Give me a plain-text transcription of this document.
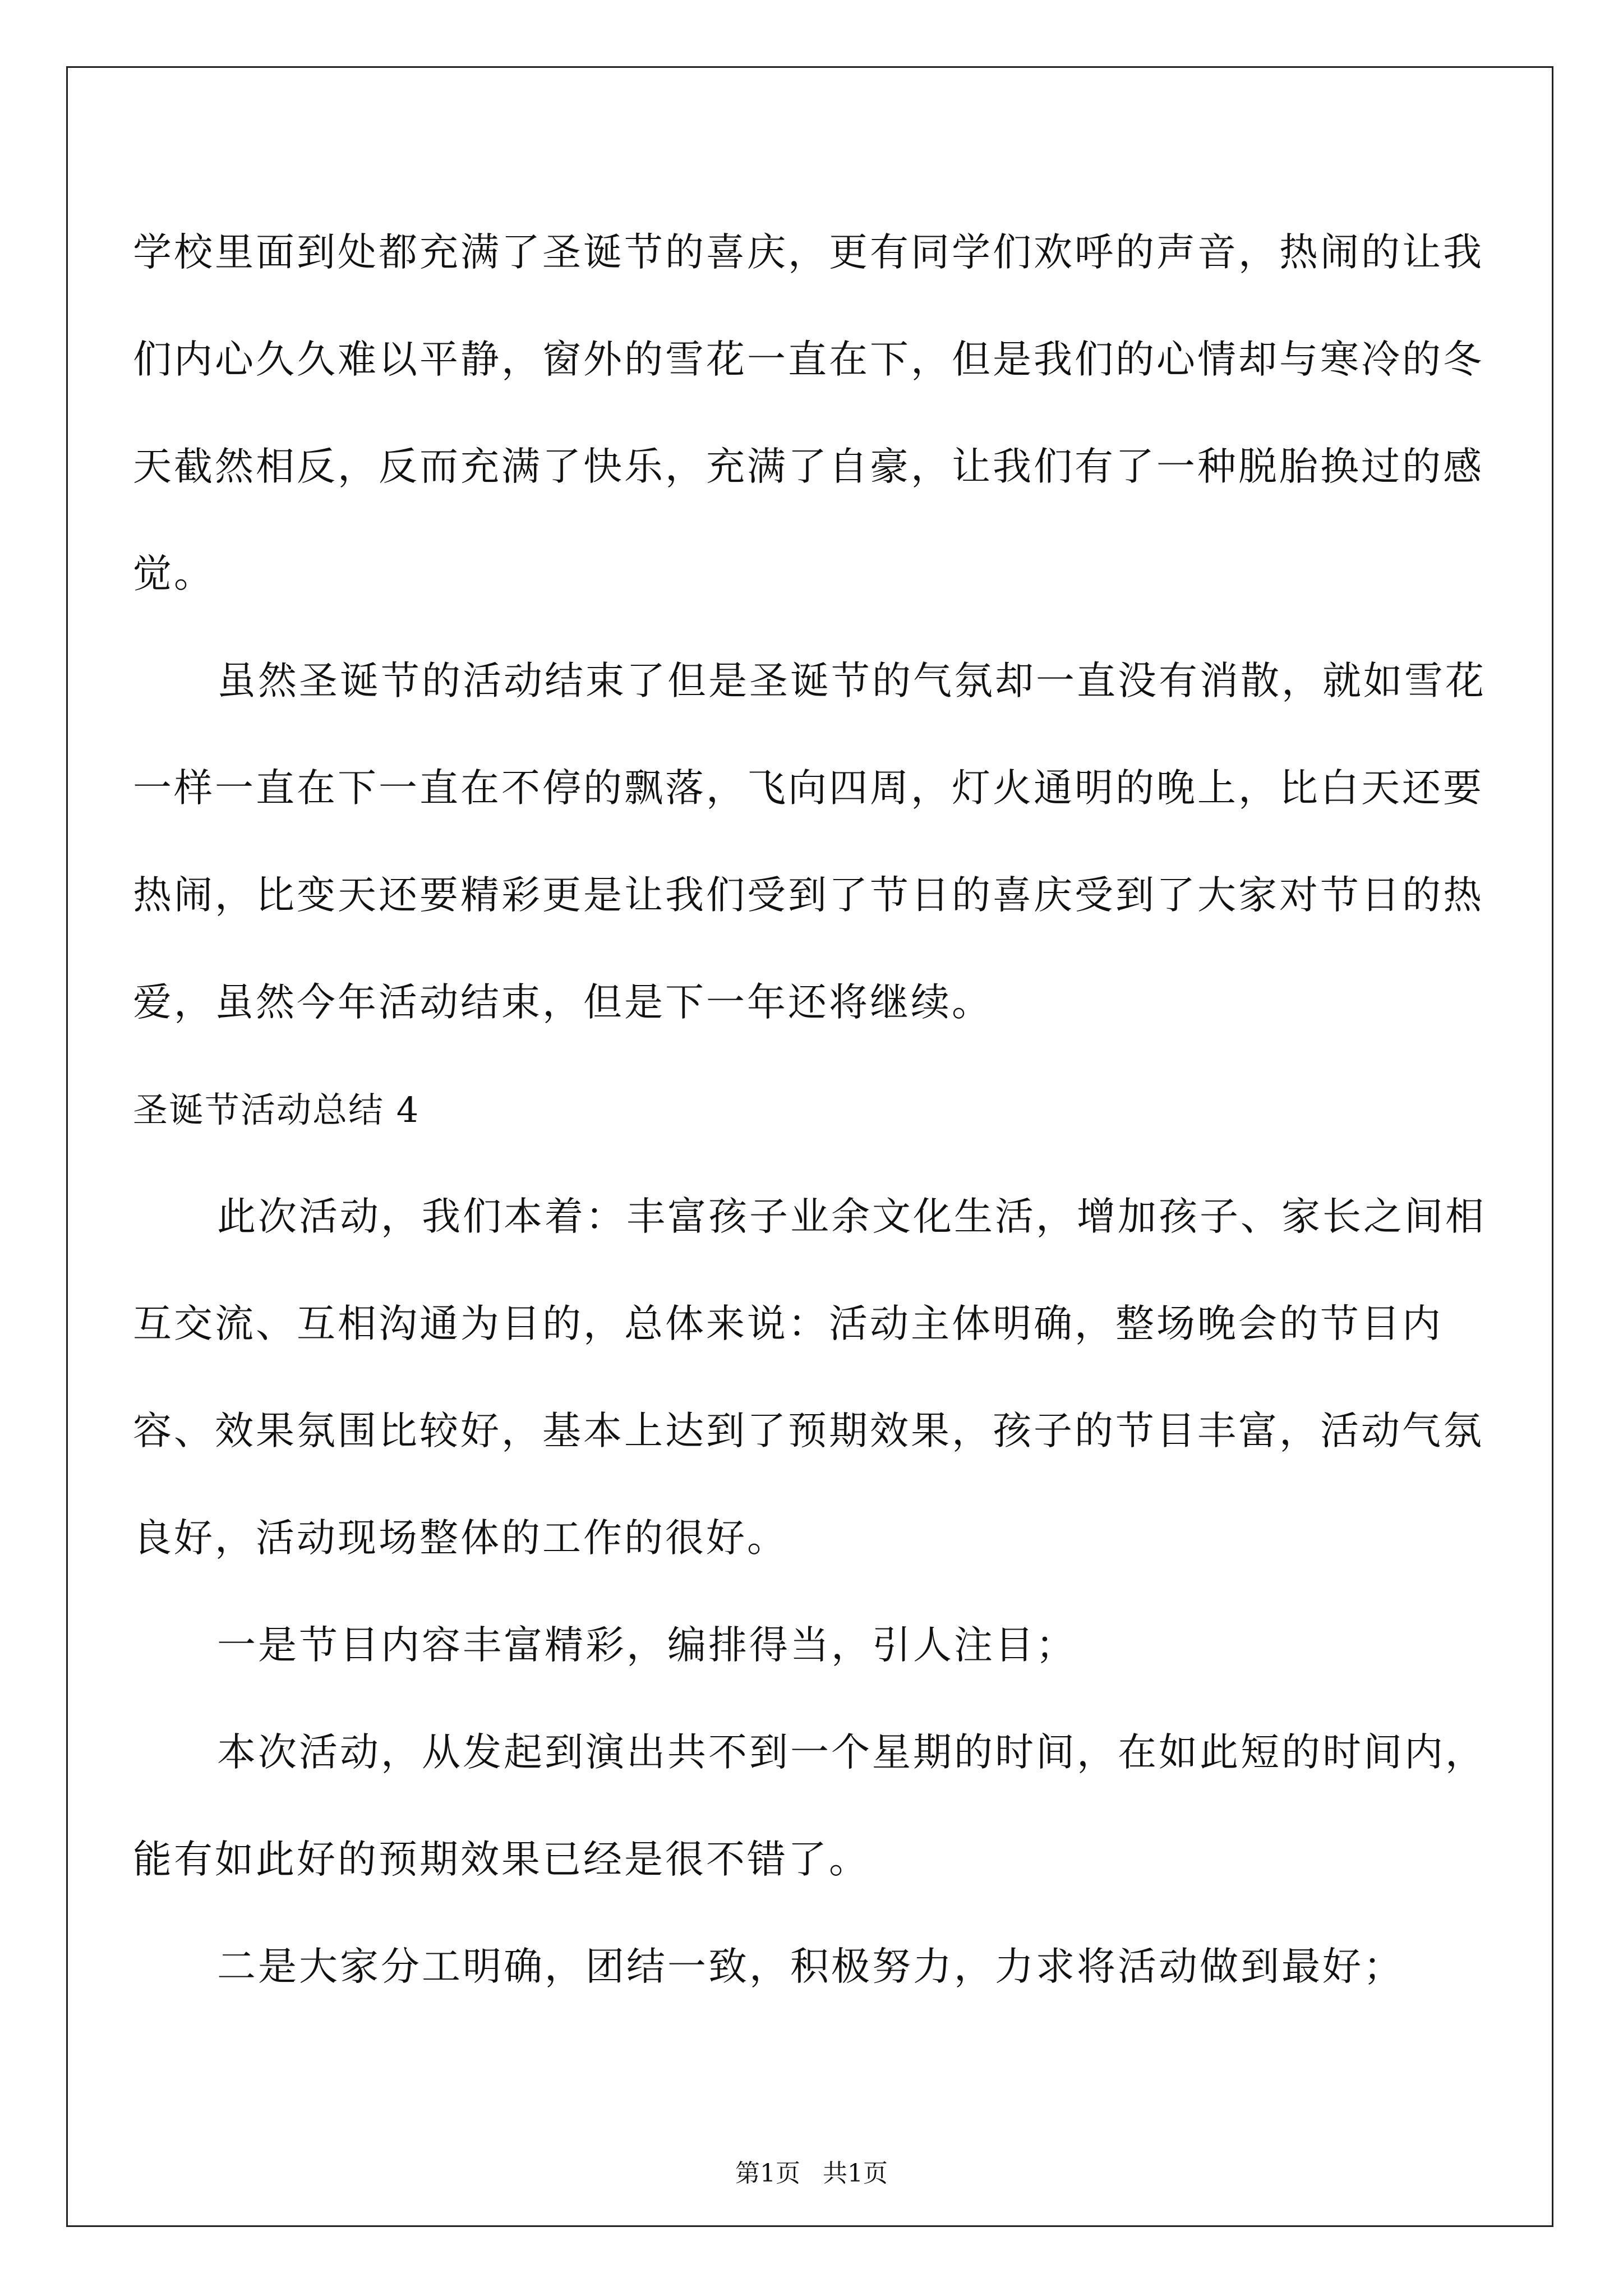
学校里面到处都充满了圣诞节的喜庆，更有同学们欢呼的声音，热闹的让我们内心久久难以平静，窗外的雪花一直在下，但是我们的心情却与寒冷的冬天截然相反，反而充满了快乐，充满了自豪，让我们有了一种脱胎换过的感觉。

虽然圣诞节的活动结束了但是圣诞节的气氛却一直没有消散，就如雪花一样一直在下一直在不停的飘落，飞向四周，灯火通明的晚上，比白天还要热闹，比变天还要精彩更是让我们受到了节日的喜庆受到了大家对节日的热爱，虽然今年活动结束，但是下一年还将继续。

圣诞节活动总结 4

此次活动，我们本着：丰富孩子业余文化生活，增加孩子、家长之间相互交流、互相沟通为目的，总体来说：活动主体明确，整场晚会的节目内容、效果氛围比较好，基本上达到了预期效果，孩子的节目丰富，活动气氛良好，活动现场整体的工作的很好。

一是节目内容丰富精彩，编排得当，引人注目；

本次活动，从发起到演出共不到一个星期的时间，在如此短的时间内，能有如此好的预期效果已经是很不错了。

二是大家分工明确，团结一致，积极努力，力求将活动做到最好；

第1页 共1页
